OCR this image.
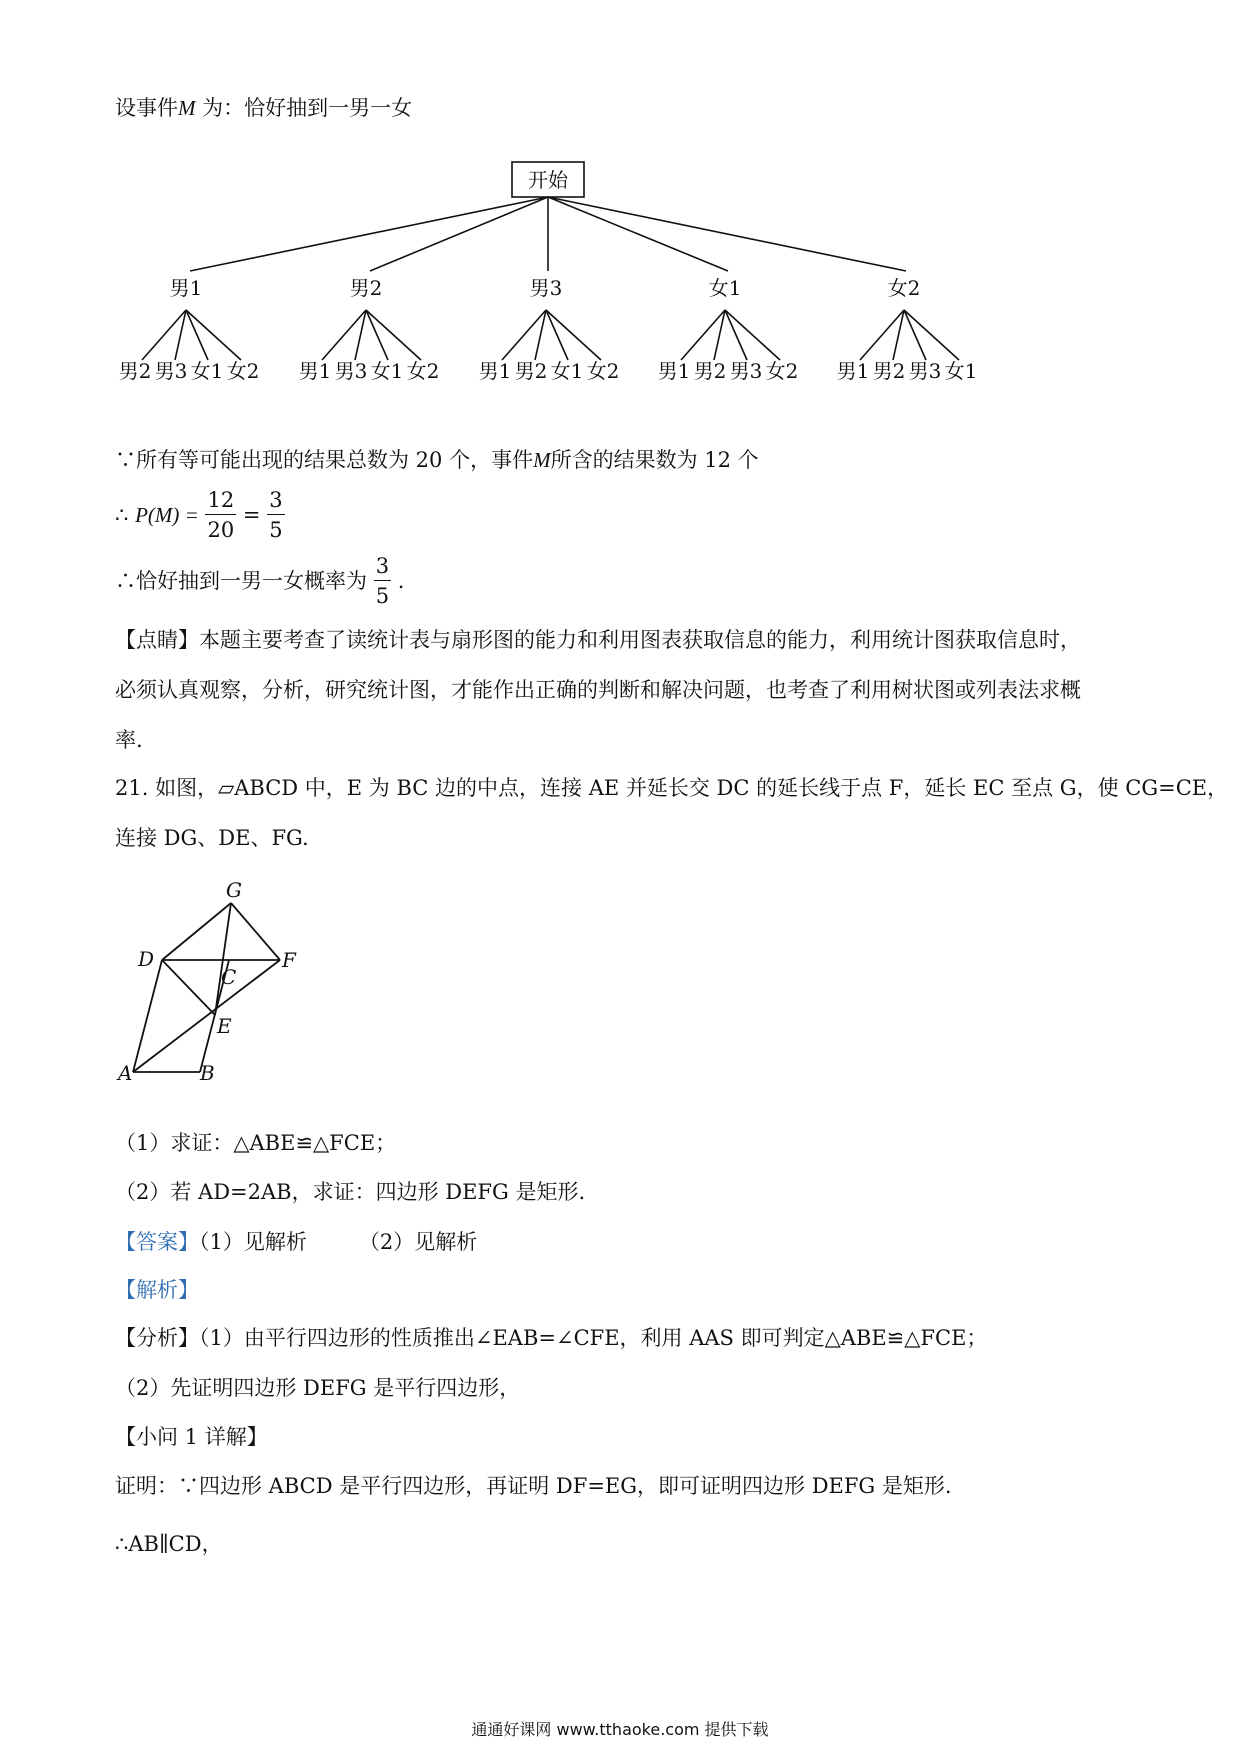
设事件M 为：恰好抽到一男一女
开始
男1	男2	男3	女1	女2
男2 男3 女1 女2 男1 男3 女1 女2 男1 男2 女1 女2 男1 男2 男3 女2 男1 男2 男3 女1
∵所有等可能出现的结果总数为 20 个，事件M所含的结果数为 12 个
∴ $P(M) = \frac{12}{20} = \frac{3}{5}$
∴恰好抽到一男一女概率为 $\frac{3}{5}$ .
【点睛】本题主要考查了读统计表与扇形图的能力和利用图表获取信息的能力，利用统计图获取信息时，
必须认真观察，分析，研究统计图，才能作出正确的判断和解决问题，也考查了利用树状图或列表法求概
率.
21. 如图，▱ABCD 中，E 为 BC 边的中点，连接 AE 并延长交 DC 的延长线于点 F，延长 EC 至点 G，使 CG=CE，
连接 DG、DE、FG.
G
D
C
F
E
A	B
（1）求证：△ABE≌△FCE；
（2）若 AD=2AB，求证：四边形 DEFG 是矩形.
【答案】（1）见解析 （2）见解析
【解析】
【分析】（1）由平行四边形的性质推出∠EAB=∠CFE，利用 AAS 即可判定△ABE≌△FCE；
（2）先证明四边形 DEFG 是平行四边形，
【小问 1 详解】
证明：∵四边形 ABCD 是平行四边形，再证明 DF=EG，即可证明四边形 DEFG 是矩形.
∴AB∥CD，
通通好课网 www.tthaoke.com 提供下载
